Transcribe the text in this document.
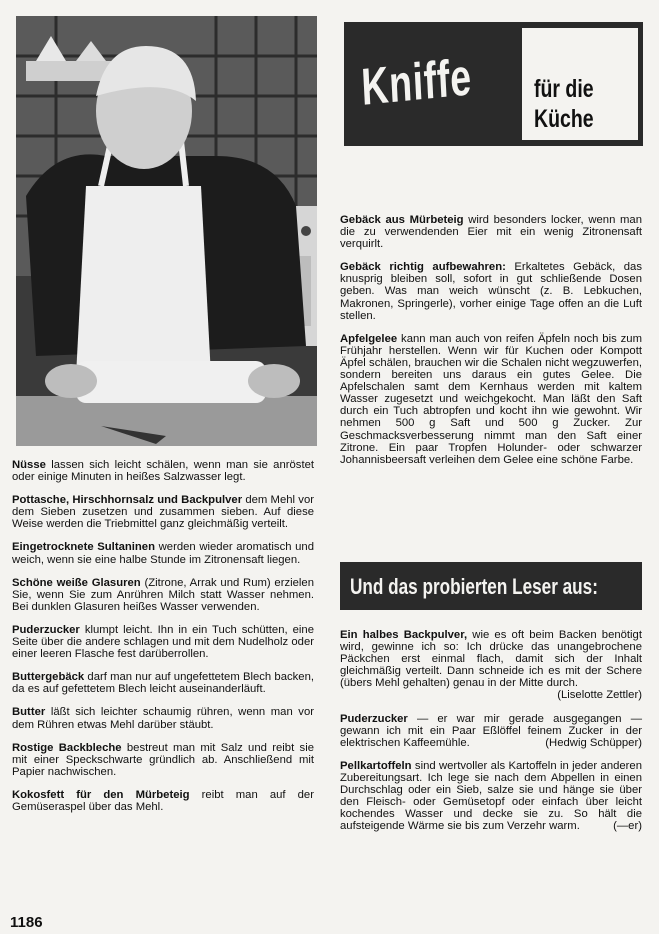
Kniffe für die Küche

Nüsse lassen sich leicht schälen, wenn man sie anröstet oder einige Minuten in heißes Salzwasser legt.

Pottasche, Hirschhornsalz und Backpulver dem Mehl vor dem Sieben zusetzen und zusammen sieben. Auf diese Weise werden die Triebmittel ganz gleichmäßig verteilt.

Eingetrocknete Sultaninen werden wieder aromatisch und weich, wenn sie eine halbe Stunde im Zitronensaft liegen.

Schöne weiße Glasuren (Zitrone, Arrak und Rum) erzielen Sie, wenn Sie zum Anrühren Milch statt Wasser nehmen. Bei dunklen Glasuren heißes Wasser verwenden.

Puderzucker klumpt leicht. Ihn in ein Tuch schütten, eine Seite über die andere schlagen und mit dem Nudelholz oder einer leeren Flasche fest darüberrollen.

Buttergebäck darf man nur auf ungefettetem Blech backen, da es auf gefettetem Blech leicht auseinanderläuft.

Butter läßt sich leichter schaumig rühren, wenn man vor dem Rühren etwas Mehl darüber stäubt.

Rostige Backbleche bestreut man mit Salz und reibt sie mit einer Speckschwarte gründlich ab. Anschließend mit Papier nachwischen.

Kokosfett für den Mürbeteig reibt man auf der Gemüseraspel über das Mehl.

Gebäck aus Mürbeteig wird besonders locker, wenn man die zu verwendenden Eier mit ein wenig Zitronensaft verquirlt.

Gebäck richtig aufbewahren: Erkaltetes Gebäck, das knusprig bleiben soll, sofort in gut schließende Dosen geben. Was man weich wünscht (z. B. Lebkuchen, Makronen, Springerle), vorher einige Tage offen an die Luft stellen.

Apfelgelee kann man auch von reifen Äpfeln noch bis zum Frühjahr herstellen. Wenn wir für Kuchen oder Kompott Äpfel schälen, brauchen wir die Schalen nicht wegzuwerfen, sondern bereiten uns daraus ein gutes Gelee. Die Apfelschalen samt dem Kernhaus werden mit kaltem Wasser zugesetzt und weichgekocht. Man läßt den Saft durch ein Tuch abtropfen und kocht ihn wie gewohnt. Wir nehmen 500 g Saft und 500 g Zucker. Zur Geschmacksverbesserung nimmt man den Saft einer Zitrone. Ein paar Tropfen Holunder- oder schwarzer Johannisbeersaft verleihen dem Gelee eine schöne Farbe.

Und das probierten Leser aus:

Ein halbes Backpulver, wie es oft beim Backen benötigt wird, gewinne ich so: Ich drücke das unangebrochene Päckchen erst einmal flach, damit sich der Inhalt gleichmäßig verteilt. Dann schneide ich es mit der Schere (übers Mehl gehalten) genau in der Mitte durch.
(Liselotte Zettler)

Puderzucker — er war mir gerade ausgegangen — gewann ich mit ein Paar Eßlöffel feinem Zucker in der elektrischen Kaffeemühle.	(Hedwig Schüpper)

Pellkartoffeln sind wertvoller als Kartoffeln in jeder anderen Zubereitungsart. Ich lege sie nach dem Abpellen in einen Durchschlag oder ein Sieb, salze sie und hänge sie über den Fleisch- oder Gemüsetopf oder einfach über leicht kochendes Wasser und decke sie zu. So hält die aufsteigende Wärme sie bis zum Verzehr warm.	(—er)

1186
